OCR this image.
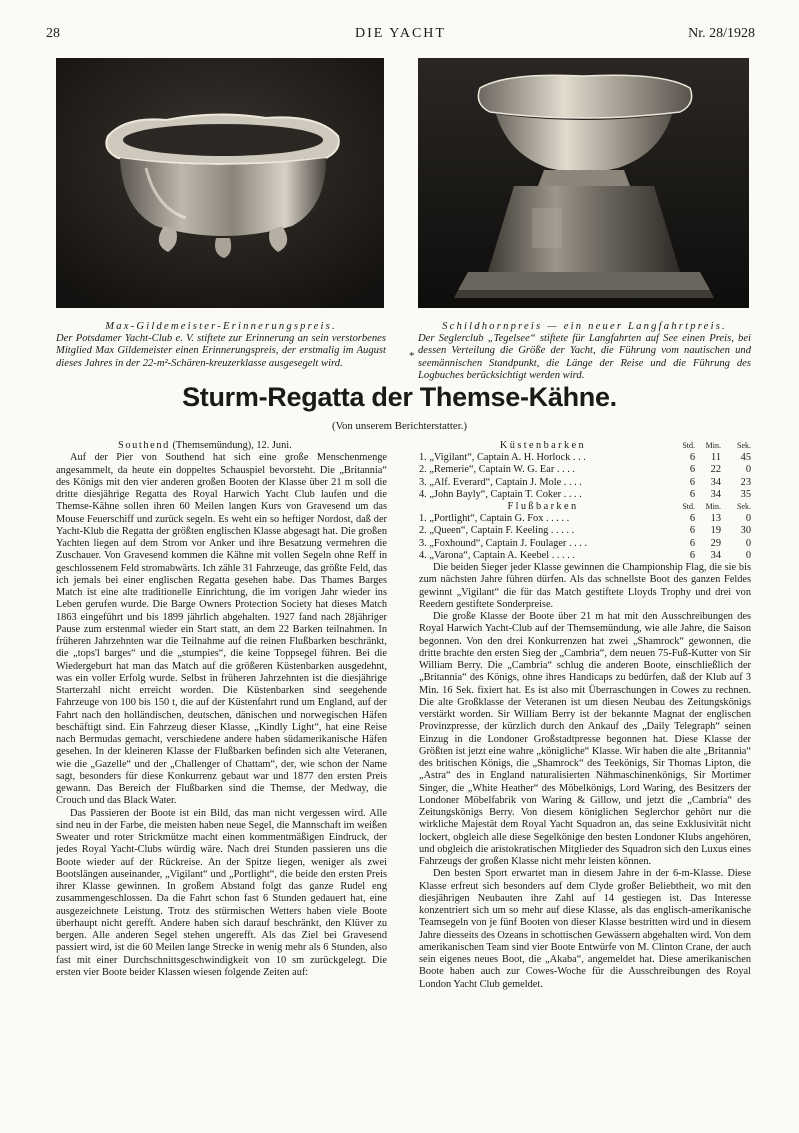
28	DIE YACHT	Nr. 28/1928
Max-Gildemeister-Erinnerungspreis.
Der Potsdamer Yacht-Club e. V. stiftete zur Erinnerung an sein verstorbenes Mitglied Max Gildemeister einen Erinnerungspreis, der erstmalig im August dieses Jahres in der 22-m²-Schären-kreuzerklasse ausgesegelt wird.
Schildhornpreis — ein neuer Langfahrtpreis.
Der Seglerclub „Tegelsee“ stiftete für Langfahrten auf See einen Preis, bei dessen Verteilung die Größe der Yacht, die Führung vom nautischen und seemännischen Standpunkt, die Länge der Reise und die Führung des Logbuches berücksichtigt werden wird.
*
Sturm-Regatta der Themse-Kähne.
(Von unserem Berichterstatter.)

Southend (Themsemündung), 12. Juni.

Auf der Pier von Southend hat sich eine große Menschenmenge angesammelt, da heute ein doppeltes Schauspiel bevorsteht. Die „Britannia“ des Königs mit den vier anderen großen Booten der Klasse über 21 m soll die dritte diesjährige Regatta des Royal Harwich Yacht Club laufen und die Themse-Kähne sollen ihren 60 Meilen langen Kurs von Gravesend um das Mouse Feuerschiff und zurück segeln. Es weht ein so heftiger Nordost, daß der Yacht-Klub die Regatta der größten englischen Klasse abgesagt hat. Die großen Yachten liegen auf dem Strom vor Anker und ihre Besatzung vermehren die Zuschauer. Von Gravesend kommen die Kähne mit vollen Segeln ohne Reff in geschlossenem Feld stromabwärts. Ich zähle 31 Fahrzeuge, das größte Feld, das ich jemals bei einer englischen Regatta gesehen habe. Das Thames Barges Match ist eine alte traditionelle Einrichtung, die im vorigen Jahr wieder ins Leben gerufen wurde. Die Barge Owners Protection Society hat dieses Match 1863 eingeführt und bis 1899 jährlich abgehalten. 1927 fand nach 28jähriger Pause zum erstenmal wieder ein Start statt, an dem 22 Barken teilnahmen. In früheren Jahrzehnten war die Teilnahme auf die reinen Flußbarken beschränkt, die „tops'l barges“ und die „stumpies“, die keine Toppsegel führen. Bei die Wiedergeburt hat man das Match auf die größeren Küstenbarken ausgedehnt, was ein voller Erfolg wurde. Selbst in früheren Jahrzehnten ist die diesjährige Starterzahl nicht erreicht worden. Die Küstenbarken sind seegehende Fahrzeuge von 100 bis 150 t, die auf der Küstenfahrt rund um England, auf der Fahrt nach den holländischen, deutschen, dänischen und norwegischen Häfen beschäftigt sind. Ein Fahrzeug dieser Klasse, „Kindly Light“, hat eine Reise nach Bermudas gemacht, verschiedene andere haben südamerikanische Häfen gesehen. In der kleineren Klasse der Flußbarken befinden sich alte Veteranen, wie die „Gazelle“ und der „Challenger of Chattam“, der, wie schon der Name sagt, besonders für diese Konkurrenz gebaut war und 1877 den ersten Preis gewann. Das Bereich der Flußbarken sind die Themse, der Medway, die Crouch und das Black Water.

Das Passieren der Boote ist ein Bild, das man nicht vergessen wird. Alle sind neu in der Farbe, die meisten haben neue Segel, die Mannschaft im weißen Sweater und roter Strickmütze macht einen kommentmäßigen Eindruck, der jedes Royal Yacht-Clubs würdig wäre. Nach drei Stunden passieren uns die Boote wieder auf der Rückreise. An der Spitze liegen, weniger als zwei Bootslängen auseinander, „Vigilant“ und „Portlight“, die beide den ersten Preis ihrer Klasse gewinnen. In großem Abstand folgt das ganze Rudel eng zusammengeschlossen. Da die Fahrt schon fast 6 Stunden gedauert hat, eine ausgezeichnete Leistung. Trotz des stürmischen Wetters haben viele Boote überhaupt nicht gerefft. Andere haben sich darauf beschränkt, den Klüver zu bergen. Alle anderen Segel stehen ungerefft. Als das Ziel bei Gravesend passiert wird, ist die 60 Meilen lange Strecke in wenig mehr als 6 Stunden, also fast mit einer Durchschnittsgeschwindigkeit von 10 sm zurückgelegt. Die ersten vier Boote beider Klassen wiesen folgende Zeiten auf:

Küstenbarken	Std.	Min.	Sek.
1. „Vigilant“, Captain A. H. Horlock . . .	6	11	45
2. „Remerie“, Captain W. G. Ear . . . .	6	22	0
3. „Alf. Everard“, Captain J. Mole . . . .	6	34	23
4. „John Bayly“, Captain T. Coker . . . .	6	34	35
Flußbarken	Std.	Min.	Sek.
1. „Portlight“, Captain G. Fox . . . . .	6	13	0
2. „Queen“, Captain F. Keeling . . . . .	6	19	30
3. „Foxhound“, Captain J. Foulager . . . .	6	29	0
4. „Varona“, Captain A. Keebel . . . . .	6	34	0

Die beiden Sieger jeder Klasse gewinnen die Championship Flag, die sie bis zum nächsten Jahre führen dürfen. Als das schnellste Boot des ganzen Feldes gewinnt „Vigilant“ die für das Match gestiftete Lloyds Trophy und drei von Reedern gestiftete Sonderpreise.

Die große Klasse der Boote über 21 m hat mit den Ausschreibungen des Royal Harwich Yacht-Club auf der Themsemündung, wie alle Jahre, die Saison begonnen. Von den drei Konkurrenzen hat zwei „Shamrock“ gewonnen, die dritte brachte den ersten Sieg der „Cambria“, dem neuen 75-Fuß-Kutter von Sir William Berry. Die „Cambria“ schlug die anderen Boote, einschließlich der „Britannia“ des Königs, ohne ihres Handicaps zu bedürfen, daß der Klub auf 3 Min. 16 Sek. fixiert hat. Es ist also mit Überraschungen in Cowes zu rechnen. Die alte Großklasse der Veteranen ist um diesen Neubau des Zeitungskönigs verstärkt worden. Sir William Berry ist der bekannte Magnat der englischen Provinzpresse, der kürzlich durch den Ankauf des „Daily Telegraph“ seinen Einzug in die Londoner Großstadtpresse begonnen hat. Diese Klasse der Größten ist jetzt eine wahre „königliche“ Klasse. Wir haben die alte „Britannia“ des britischen Königs, die „Shamrock“ des Teekönigs, Sir Thomas Lipton, die „Astra“ des in England naturalisierten Nähmaschinenkönigs, Sir Mortimer Singer, die „White Heather“ des Möbelkönigs, Lord Waring, des Besitzers der Londoner Möbelfabrik von Waring & Gillow, und jetzt die „Cambria“ des Zeitungskönigs Berry. Von diesem königlichen Seglerchor gehört nur die wirkliche Majestät dem Royal Yacht Squadron an, das seine Exklusivität nicht lockert, obgleich alle diese Segelkönige den besten Londoner Klubs angehören, und obgleich die aristokratischen Mitglieder des Squadron sich den Luxus eines Fahrzeugs der großen Klasse nicht mehr leisten können.

Den besten Sport erwartet man in diesem Jahre in der 6-m-Klasse. Diese Klasse erfreut sich besonders auf dem Clyde großer Beliebtheit, wo mit den diesjährigen Neubauten ihre Zahl auf 14 gestiegen ist. Das Interesse konzentriert sich um so mehr auf diese Klasse, als das englisch-amerikanische Teamsegeln von je fünf Booten von dieser Klasse bestritten wird und in diesem Jahre diesseits des Ozeans in schottischen Gewässern abgehalten wird. Von dem amerikanischen Team sind vier Boote Entwürfe von M. Clinton Crane, der auch sein eigenes neues Boot, die „Akaba“, angemeldet hat. Diese amerikanischen Boote haben auch zur Cowes-Woche für die Ausschreibungen des Royal London Yacht Club gemeldet.
